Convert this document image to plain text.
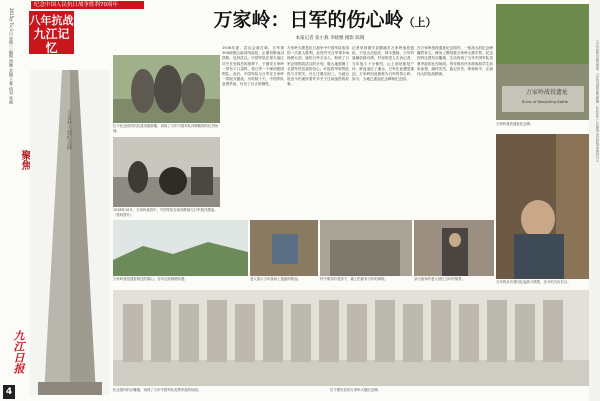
纪念中国人民抗日战争胜利70周年
2015年7月1日 星期三 编辑 周颖 美编 王春 校对 张丽 八年抗战
九江记忆
聚焦
万家岭大捷纪念碑
九江日报
4
万家岭：日军的伤心岭（上）
本报记者 张小燕 李晓雅 摄影 陈钢
位于纪念园内的抗战英雄群雕，再现了当年中国军队冲锋陷阵的壮烈场面。
1938年10月，万家岭战役中，中国军队在前线阵地与日军展开激战。（资料图片）
1938年夏，武汉会战打响，日军第106师团沿南浔线南犯，企图切断南浔铁路，包抄武汉。中国军队在第九战区司令长官薛岳的指挥下，于德安万家岭一带布下口袋阵，将日军一个师团团团围住。此后，中国军队与日军在万家岭一带展开激战，历时数十天。中国军队奋勇杀敌，付出了巨大的牺牲。
万家岭大捷是抗日战争中中国军队取得的一次重大胜利。此役歼灭日军第106师团大部，毙伤日军万余人，粉碎了日军企图围攻武汉的计划，极大地鼓舞了全国军民抗战的信心。叶挺将军称赞此役与平型关、台儿庄鼎足而三。当地百姓至今仍流传着许多关于这场战役的故事。
记者来到德安县磨溪乡万家岭战役遗址，只见山峦起伏，林木葱郁，当年的战壕依稀可辨。村里的老人告诉记者，当年战斗十分惨烈，山上到处都是尸体，鲜血染红了溪水。日军在此遭受重创，万家岭因此被称为日军的伤心岭。如今，当地已建起纪念碑和纪念园。
在万家岭战役遗址纪念园内，一座高大的纪念碑巍然耸立，碑身上镌刻着万家岭大捷字样。纪念园内还建有浮雕墙，生动再现了当年中国军队英勇杀敌的壮烈场面。每年都有许多游客和学生前来参观，缅怀先烈，铭记历史，珍爱和平，弘扬伟大的抗战精神。
万家岭战役遗址
Ruins of Wanjialing Battle
万家岭战役遗址纪念碑。
当年的亲历者回忆起战斗情景，至今仍历历在目。
万家岭战役遗址附近的群山，当年这里硝烟弥漫。	老人展示当年战场上遗留的物品。	村中保存的老房子，墙上仍留有当年的弹痕。	亲历战争的老人回忆当年的情景。
纪念园内的浮雕墙，再现了当年中国军队英勇杀敌的场面。	位于德安县的万家岭大捷纪念碑。
九江日报社出版 地址：九江市浔阳东路 邮编：332000 广告热线 发行热线 零售价1元
